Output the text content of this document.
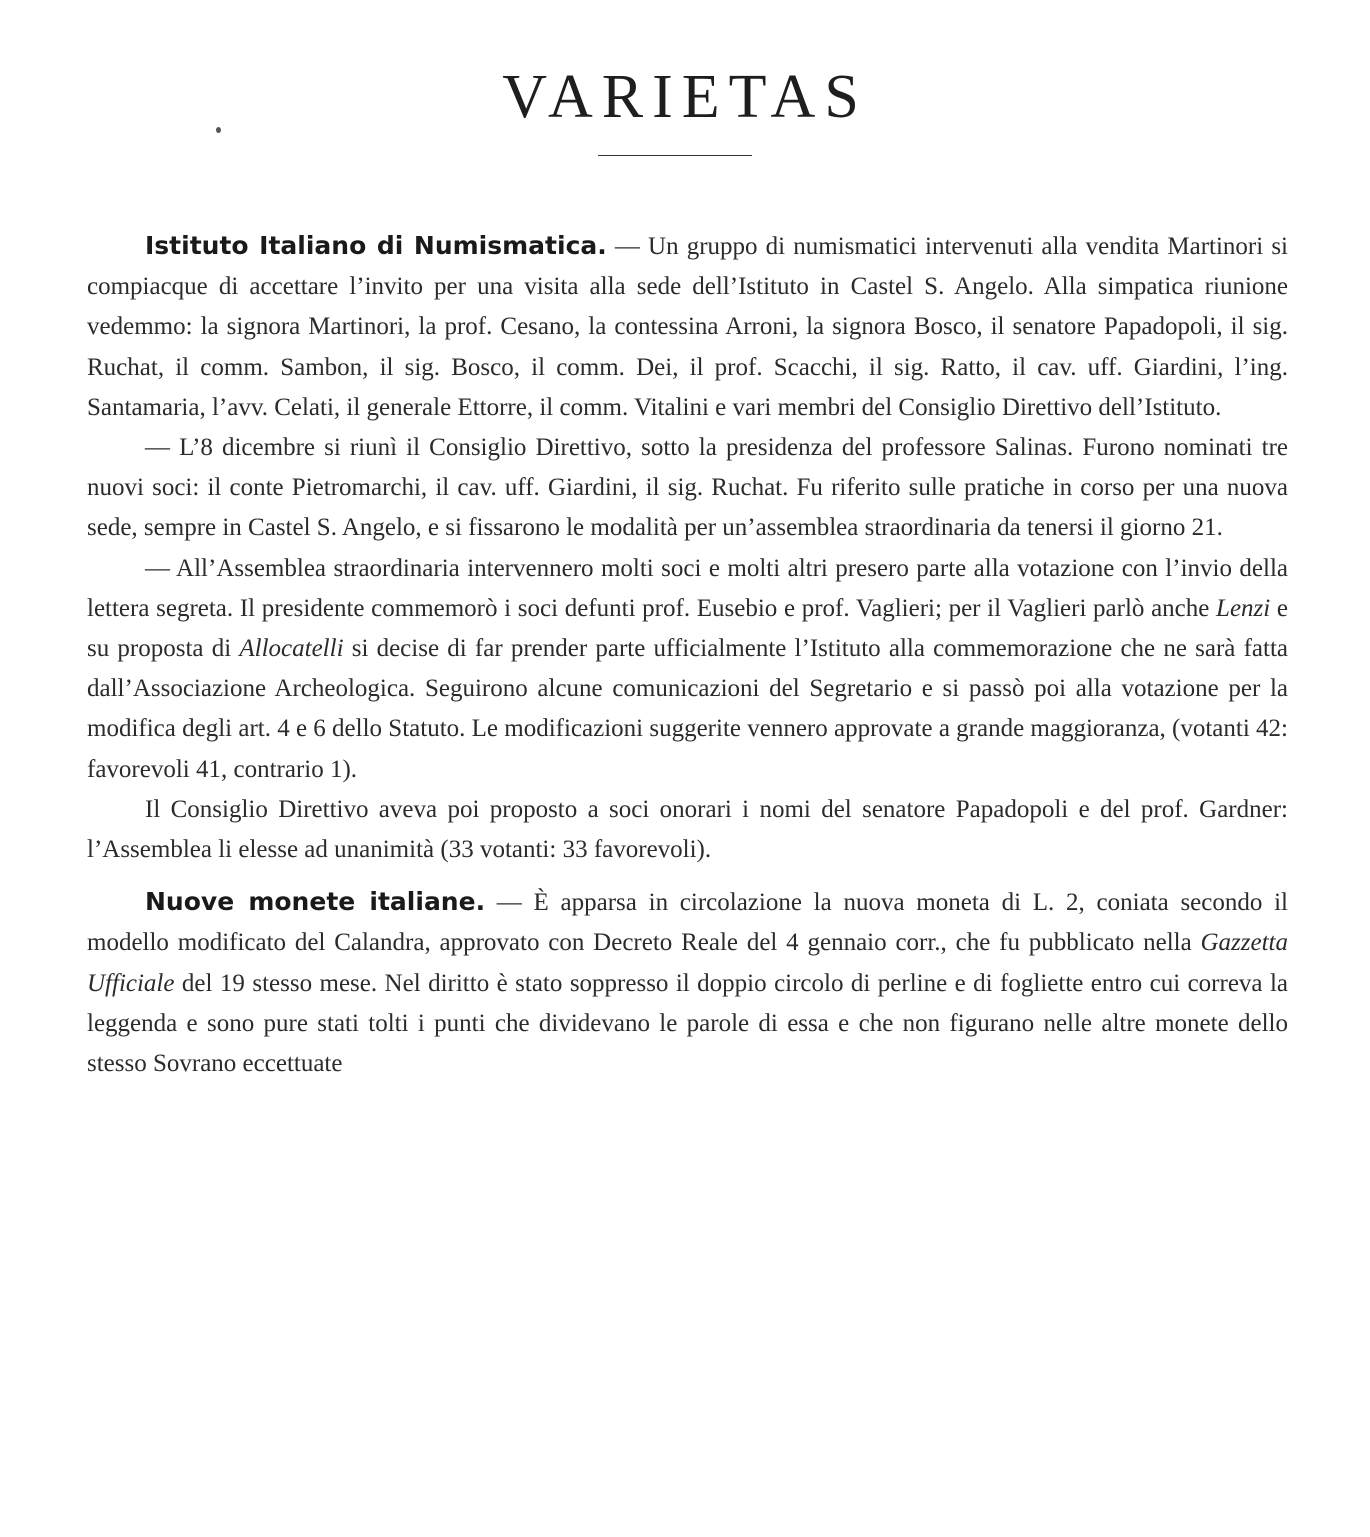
VARIETAS

Istituto Italiano di Numismatica. — Un gruppo di numismatici intervenuti alla vendita Martinori si compiacque di accettare l’invito per una visita alla sede dell’Istituto in Castel S. Angelo. Alla simpatica riunione vedemmo: la signora Martinori, la prof. Cesano, la contessina Arroni, la signora Bosco, il senatore Papadopoli, il sig. Ruchat, il comm. Sambon, il sig. Bosco, il comm. Dei, il prof. Scacchi, il sig. Ratto, il cav. uff. Giardini, l’ing. Santamaria, l’avv. Celati, il generale Ettorre, il comm. Vitalini e vari membri del Consiglio Direttivo dell’Istituto.

— L’8 dicembre si riunì il Consiglio Direttivo, sotto la presidenza del professore Salinas. Furono nominati tre nuovi soci: il conte Pietromarchi, il cav. uff. Giardini, il sig. Ruchat. Fu riferito sulle pratiche in corso per una nuova sede, sempre in Castel S. Angelo, e si fissarono le modalità per un’assemblea straordinaria da tenersi il giorno 21.

— All’Assemblea straordinaria intervennero molti soci e molti altri presero parte alla votazione con l’invio della lettera segreta. Il presidente commemorò i soci defunti prof. Eusebio e prof. Vaglieri; per il Vaglieri parlò anche Lenzi e su proposta di Allocatelli si decise di far prender parte ufficialmente l’Istituto alla commemorazione che ne sarà fatta dall’Associazione Archeologica. Seguirono alcune comunicazioni del Segretario e si passò poi alla votazione per la modifica degli art. 4 e 6 dello Statuto. Le modificazioni suggerite vennero approvate a grande maggioranza, (votanti 42: favorevoli 41, contrario 1).

Il Consiglio Direttivo aveva poi proposto a soci onorari i nomi del senatore Papadopoli e del prof. Gardner: l’Assemblea li elesse ad unanimità (33 votanti: 33 favorevoli).

Nuove monete italiane. — È apparsa in circolazione la nuova moneta di L. 2, coniata secondo il modello modificato del Calandra, approvato con Decreto Reale del 4 gennaio corr., che fu pubblicato nella Gazzetta Ufficiale del 19 stesso mese. Nel diritto è stato soppresso il doppio circolo di perline e di fogliette entro cui correva la leggenda e sono pure stati tolti i punti che dividevano le parole di essa e che non figurano nelle altre monete dello stesso Sovrano eccettuate
